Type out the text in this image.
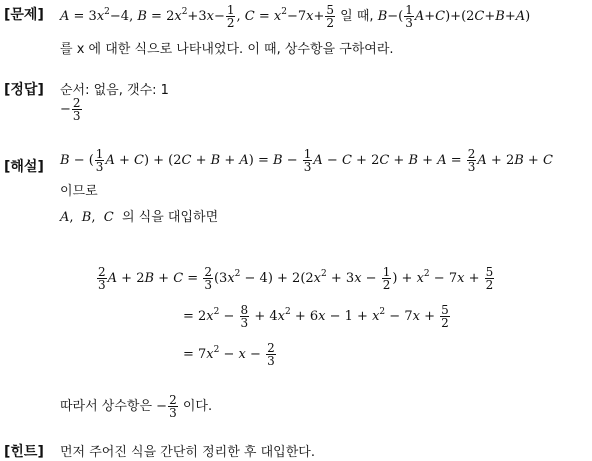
[문제] $A = 3x^2-4$, $B = 2x^2+3x- \frac{1}{2}$ , $C = x^2-7x+ \frac{5}{2}$ 일 때, $B-( \frac{1}{3} A+C)+(2C+B+A)$
를 x 에 대한 식으로 나타내었다. 이 때, 상수항을 구하여라.
[정답] 순서: 없음, 갯수: 1
− $\frac{2}{3}$
[해설] B − ( $\frac{1}{3}$ $A + C) + (2C + B + A) = B - \frac{1}{3}$ $A - C + 2C + B + A = \frac{2}{3}$ A + 2B + C
이므로
A,  B,  C 의 식을 대입하면
$\frac{2}{3}$ $A + 2B + C = \frac{2}{3} (3x^2 - 4) + 2(2x^2 + 3x - \frac{1}{2}$ ) + $x^2 - 7x + \frac{5}{2}$
= $2x^2 - \frac{8}{3} + 4x^2 + 6x - 1 + x^2 - 7x + \frac{5}{2}$
= $7x^2 - x - \frac{2}{3}$
따라서 상수항은 − $\frac{2}{3}$ 이다.
[힌트] 먼저 주어진 식을 간단히 정리한 후 대입한다.
